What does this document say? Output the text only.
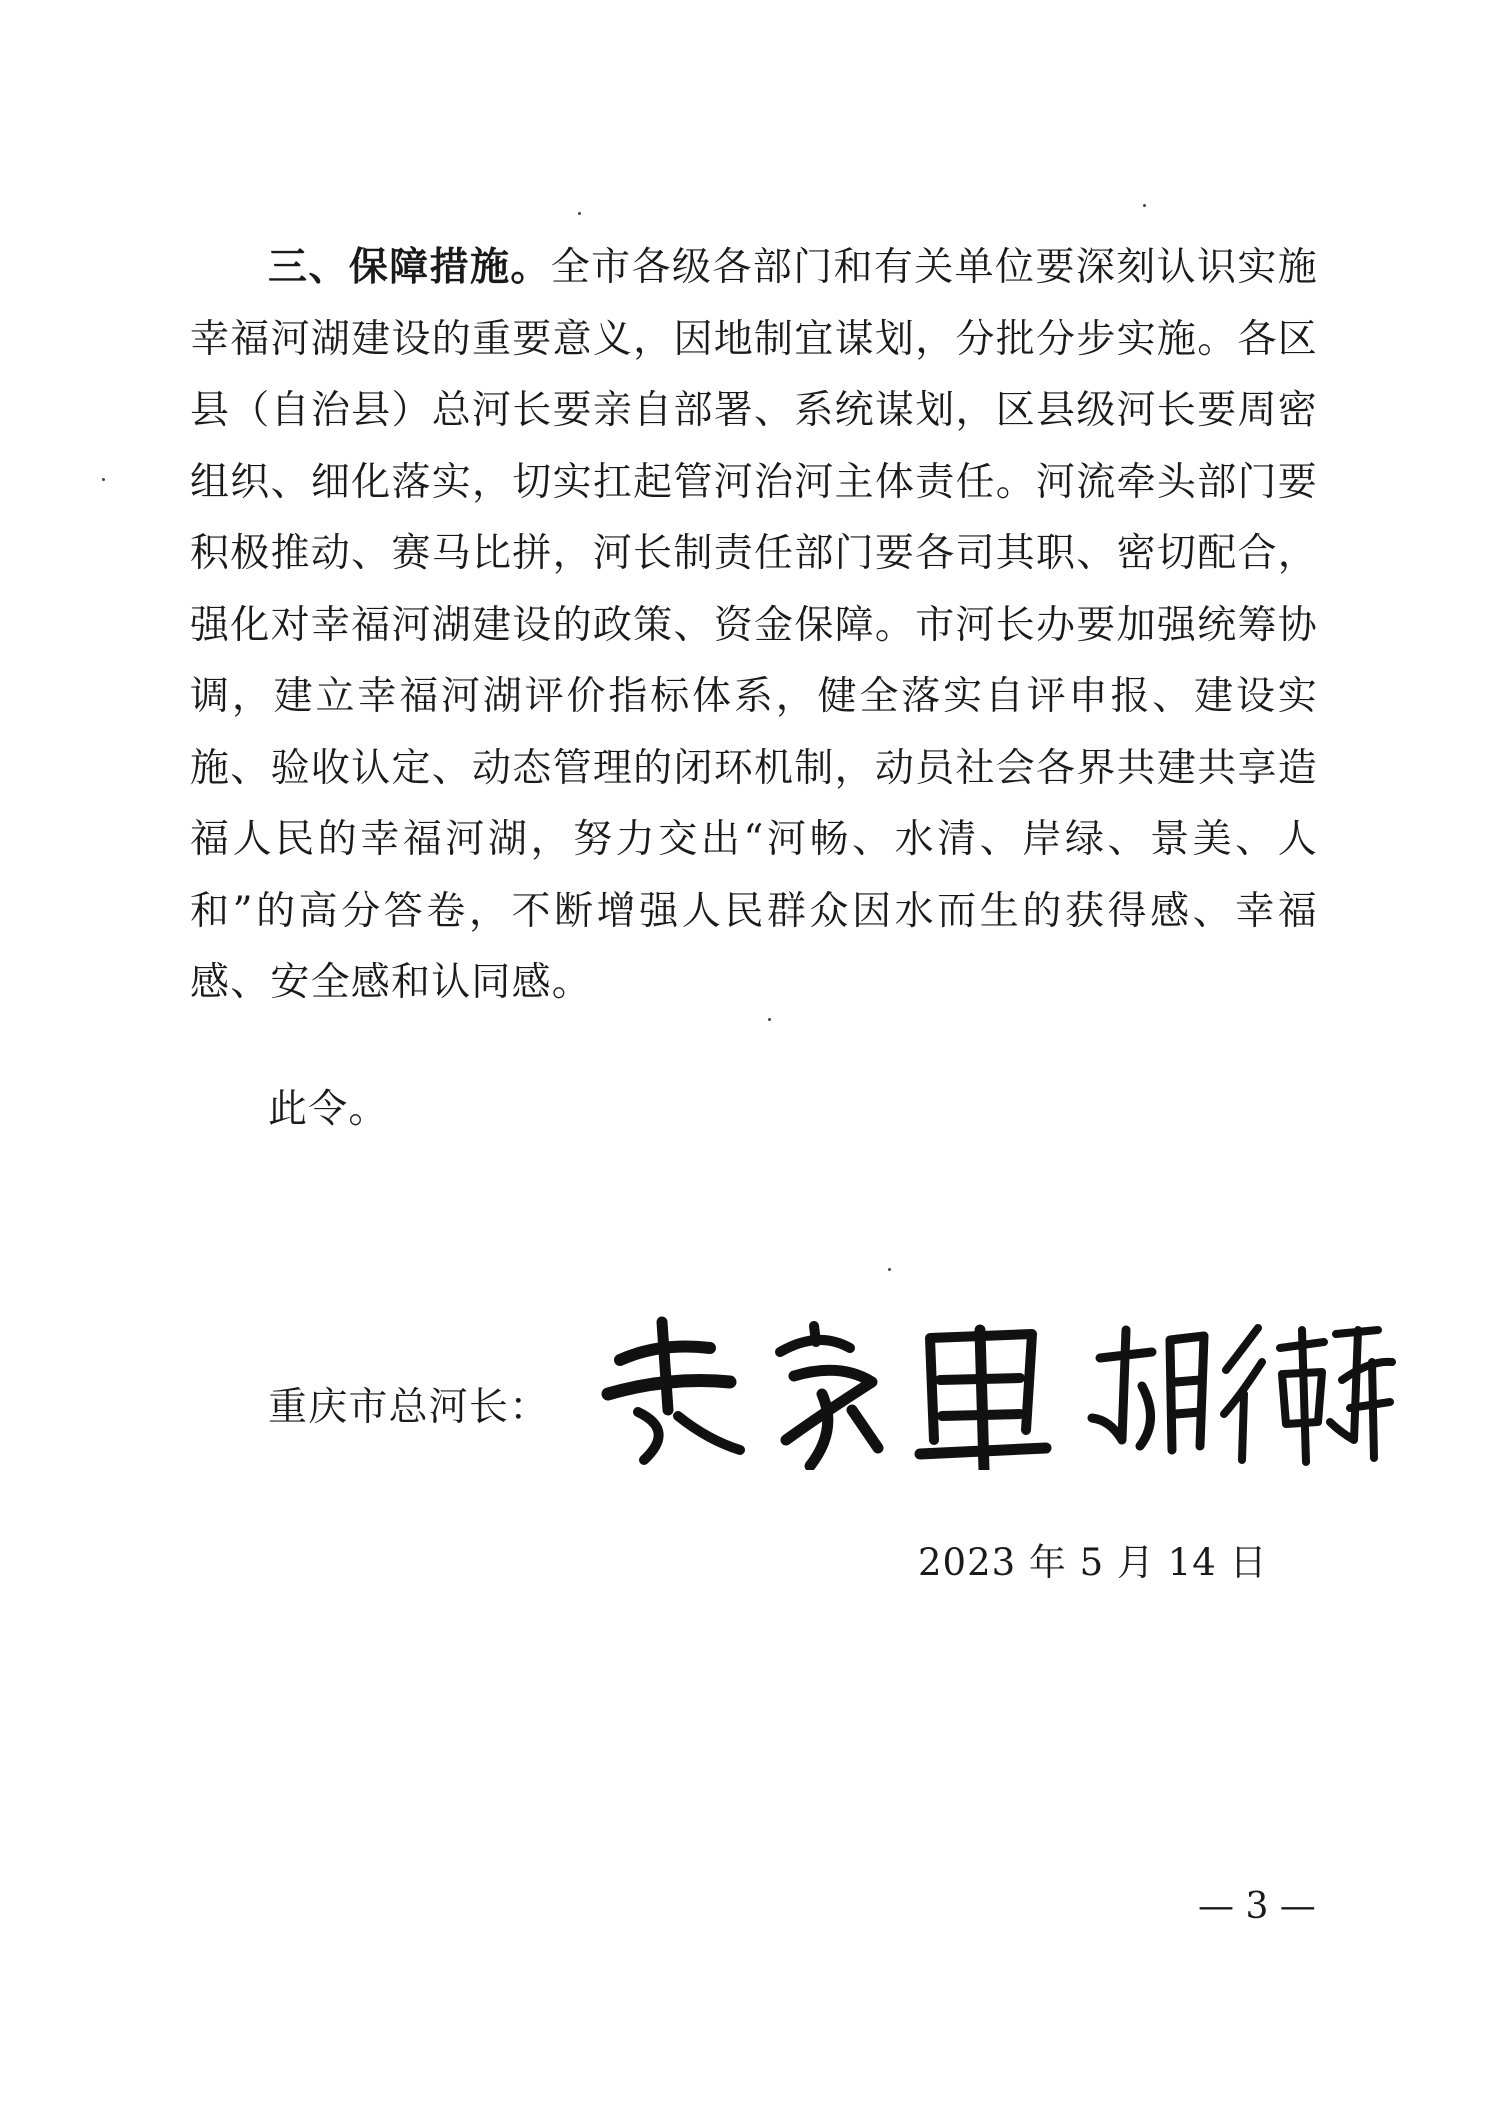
三、保障措施。全市各级各部门和有关单位要深刻认识实施幸福河湖建设的重要意义，因地制宜谋划，分批分步实施。各区县（自治县）总河长要亲自部署、系统谋划，区县级河长要周密组织、细化落实，切实扛起管河治河主体责任。河流牵头部门要积极推动、赛马比拼，河长制责任部门要各司其职、密切配合，强化对幸福河湖建设的政策、资金保障。市河长办要加强统筹协调，建立幸福河湖评价指标体系，健全落实自评申报、建设实施、验收认定、动态管理的闭环机制，动员社会各界共建共享造福人民的幸福河湖，努力交出“河畅、水清、岸绿、景美、人和”的高分答卷，不断增强人民群众因水而生的获得感、幸福感、安全感和认同感。

此令。

重庆市总河长：

2023 年 5 月 14 日

— 3 —
